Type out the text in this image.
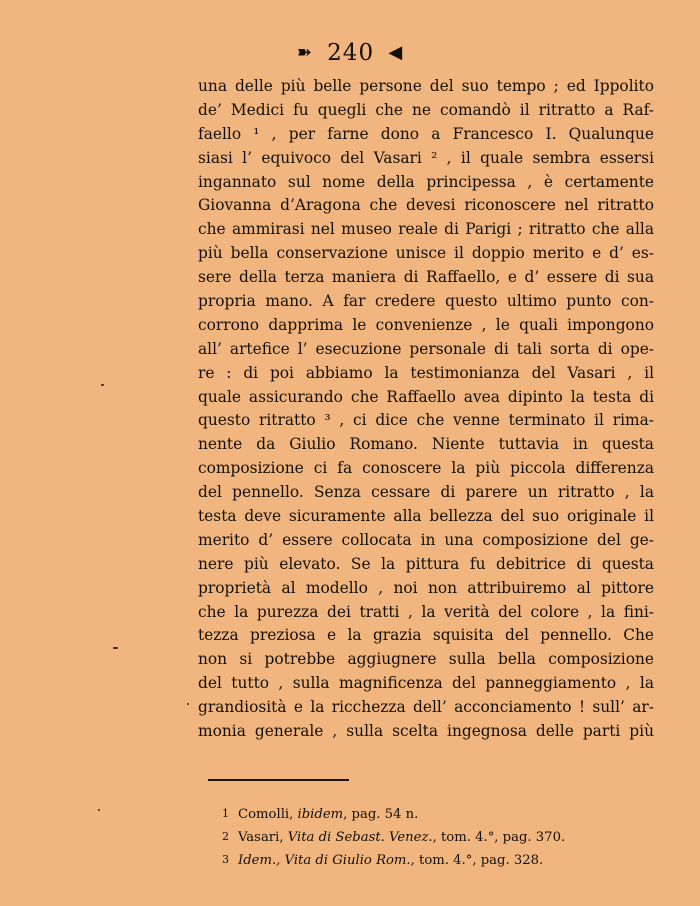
➽ 240 ◀
una delle più belle persone del suo tempo ; ed Ippolito
de’ Medici fu quegli che ne comandò il ritratto a Raf-
faello ¹ , per farne dono a Francesco I. Qualunque
siasi l’ equivoco del Vasari ² , il quale sembra essersi
ingannato sul nome della principessa , è certamente
Giovanna d’Aragona che devesi riconoscere nel ritratto
che ammirasi nel museo reale di Parigi ; ritratto che alla
più bella conservazione unisce il doppio merito e d’ es-
sere della terza maniera di Raffaello, e d’ essere di sua
propria mano. A far credere questo ultimo punto con-
corrono dapprima le convenienze , le quali impongono
all’ artefice l’ esecuzione personale di tali sorta di ope-
re : di poi abbiamo la testimonianza del Vasari , il
quale assicurando che Raffaello avea dipinto la testa di
questo ritratto ³ , ci dice che venne terminato il rima-
nente da Giulio Romano. Niente tuttavia in questa
composizione ci fa conoscere la più piccola differenza
del pennello. Senza cessare di parere un ritratto , la
testa deve sicuramente alla bellezza del suo originale il
merito d’ essere collocata in una composizione del ge-
nere più elevato. Se la pittura fu debitrice di questa
proprietà al modello , noi non attribuiremo al pittore
che la purezza dei tratti , la verità del colore , la fini-
tezza preziosa e la grazia squisita del pennello. Che
non si potrebbe aggiugnere sulla bella composizione
del tutto , sulla magnificenza del panneggiamento , la
grandiosità e la ricchezza dell’ acconciamento ! sull’ ar-
monia generale , sulla scelta ingegnosa delle parti più
1 Comolli, ibidem, pag. 54 n.
2 Vasari, Vita di Sebast. Venez., tom. 4.°, pag. 370.
3 Idem., Vita di Giulio Rom., tom. 4.°, pag. 328.
